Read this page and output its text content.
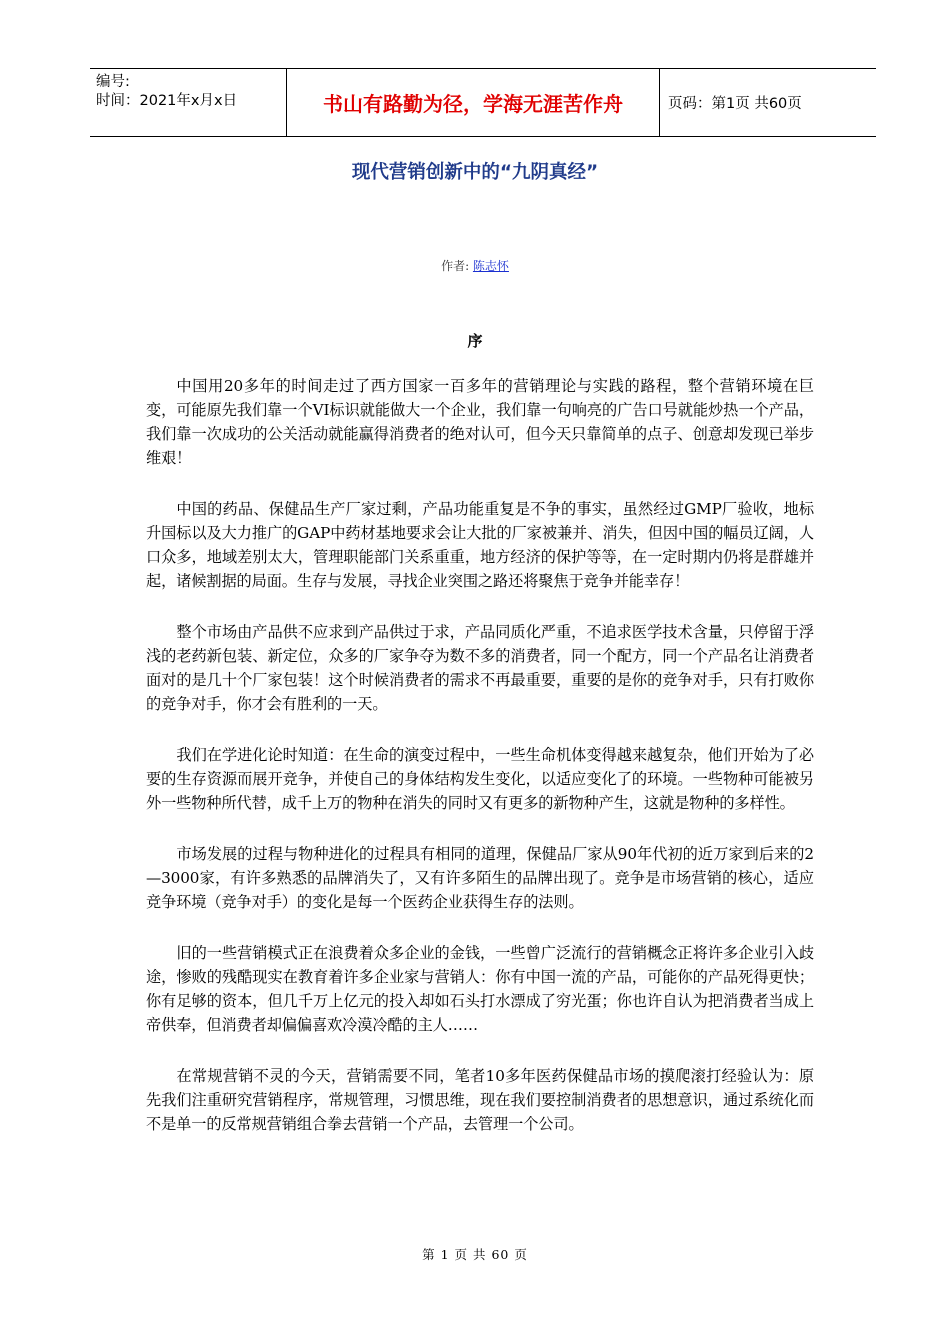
编号:
时间：2021年x月x日	书山有路勤为径，学海无涯苦作舟	页码：第1页 共60页
现代营销创新中的“九阴真经”
作者: 陈志怀
序

中国用20多年的时间走过了西方国家一百多年的营销理论与实践的路程，整个营销环境在巨变，可能原先我们靠一个VI标识就能做大一个企业，我们靠一句响亮的广告口号就能炒热一个产品，我们靠一次成功的公关活动就能赢得消费者的绝对认可，但今天只靠简单的点子、创意却发现已举步维艰！

中国的药品、保健品生产厂家过剩，产品功能重复是不争的事实，虽然经过GMP厂验收，地标升国标以及大力推广的GAP中药材基地要求会让大批的厂家被兼并、消失，但因中国的幅员辽阔，人口众多，地域差别太大，管理职能部门关系重重，地方经济的保护等等，在一定时期内仍将是群雄并起，诸候割据的局面。生存与发展，寻找企业突围之路还将聚焦于竞争并能幸存！

整个市场由产品供不应求到产品供过于求，产品同质化严重，不追求医学技术含量，只停留于浮浅的老药新包装、新定位，众多的厂家争夺为数不多的消费者，同一个配方，同一个产品名让消费者面对的是几十个厂家包装！这个时候消费者的需求不再最重要，重要的是你的竞争对手，只有打败你的竞争对手，你才会有胜利的一天。

我们在学进化论时知道：在生命的演变过程中，一些生命机体变得越来越复杂，他们开始为了必要的生存资源而展开竞争，并使自己的身体结构发生变化，以适应变化了的环境。一些物种可能被另外一些物种所代替，成千上万的物种在消失的同时又有更多的新物种产生，这就是物种的多样性。

市场发展的过程与物种进化的过程具有相同的道理，保健品厂家从90年代初的近万家到后来的2—3000家，有许多熟悉的品牌消失了，又有许多陌生的品牌出现了。竞争是市场营销的核心，适应竞争环境（竞争对手）的变化是每一个医药企业获得生存的法则。

旧的一些营销模式正在浪费着众多企业的金钱，一些曾广泛流行的营销概念正将许多企业引入歧途，惨败的残酷现实在教育着许多企业家与营销人：你有中国一流的产品，可能你的产品死得更快；你有足够的资本，但几千万上亿元的投入却如石头打水漂成了穷光蛋；你也许自认为把消费者当成上帝供奉，但消费者却偏偏喜欢冷漠冷酷的主人……

在常规营销不灵的今天，营销需要不同，笔者10多年医药保健品市场的摸爬滚打经验认为：原先我们注重研究营销程序，常规管理，习惯思维，现在我们要控制消费者的思想意识，通过系统化而不是单一的反常规营销组合拳去营销一个产品，去管理一个公司。

第 1 页 共 60 页
